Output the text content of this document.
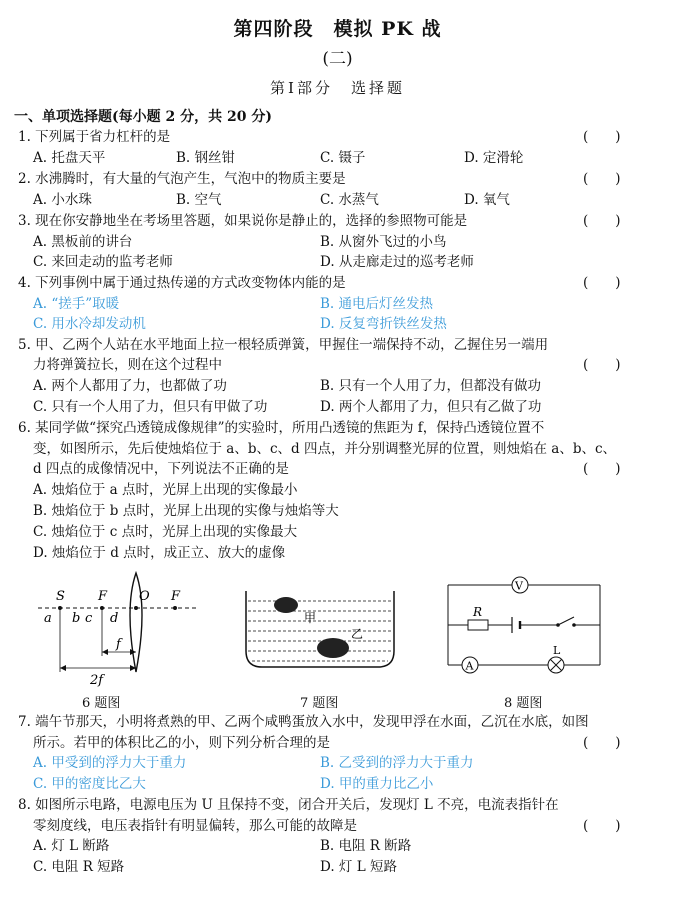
第四阶段　模拟 PK 战
(二)
第Ⅰ部分　选择题
一、单项选择题(每小题 2 分，共 20 分)
1. 下列属于省力杠杆的是	(　　)
A. 托盘天平	B. 钢丝钳	C. 镊子	D. 定滑轮
2. 水沸腾时，有大量的气泡产生，气泡中的物质主要是	(　　)
A. 小水珠	B. 空气	C. 水蒸气	D. 氧气
3. 现在你安静地坐在考场里答题，如果说你是静止的，选择的参照物可能是	(　　)
A. 黑板前的讲台	B. 从窗外飞过的小鸟
C. 来回走动的监考老师	D. 从走廊走过的巡考老师
4. 下列事例中属于通过热传递的方式改变物体内能的是	(　　)
A. “搓手”取暖	B. 通电后灯丝发热
C. 用水冷却发动机	D. 反复弯折铁丝发热
5. 甲、乙两个人站在水平地面上拉一根轻质弹簧，甲握住一端保持不动，乙握住另一端用
力将弹簧拉长，则在这个过程中	(　　)
A. 两个人都用了力，也都做了功	B. 只有一个人用了力，但都没有做功
C. 只有一个人用了力，但只有甲做了功	D. 两个人都用了力，但只有乙做了功
6. 某同学做“探究凸透镜成像规律”的实验时，所用凸透镜的焦距为 f，保持凸透镜位置不
变，如图所示，先后使烛焰位于 a、b、c、d 四点，并分别调整光屏的位置，则烛焰在 a、b、c、
d 四点的成像情况中，下列说法不正确的是	(　　)
A. 烛焰位于 a 点时，光屏上出现的实像最小
B. 烛焰位于 b 点时，光屏上出现的实像与烛焰等大
C. 烛焰位于 c 点时，光屏上出现的实像最大
D. 烛焰位于 d 点时，成正立、放大的虚像
S	F O F
a b c d
f
2f
6 题图
甲
乙
7 题图
V
R
A
L
8 题图
7. 端午节那天，小明将煮熟的甲、乙两个咸鸭蛋放入水中，发现甲浮在水面，乙沉在水底，如图
所示。若甲的体积比乙的小，则下列分析合理的是	(　　)
A. 甲受到的浮力大于重力	B. 乙受到的浮力大于重力
C. 甲的密度比乙大	D. 甲的重力比乙小
8. 如图所示电路，电源电压为 U 且保持不变，闭合开关后，发现灯 L 不亮，电流表指针在
零刻度线，电压表指针有明显偏转，那么可能的故障是	(　　)
A. 灯 L 断路	B. 电阻 R 断路
C. 电阻 R 短路	D. 灯 L 短路
